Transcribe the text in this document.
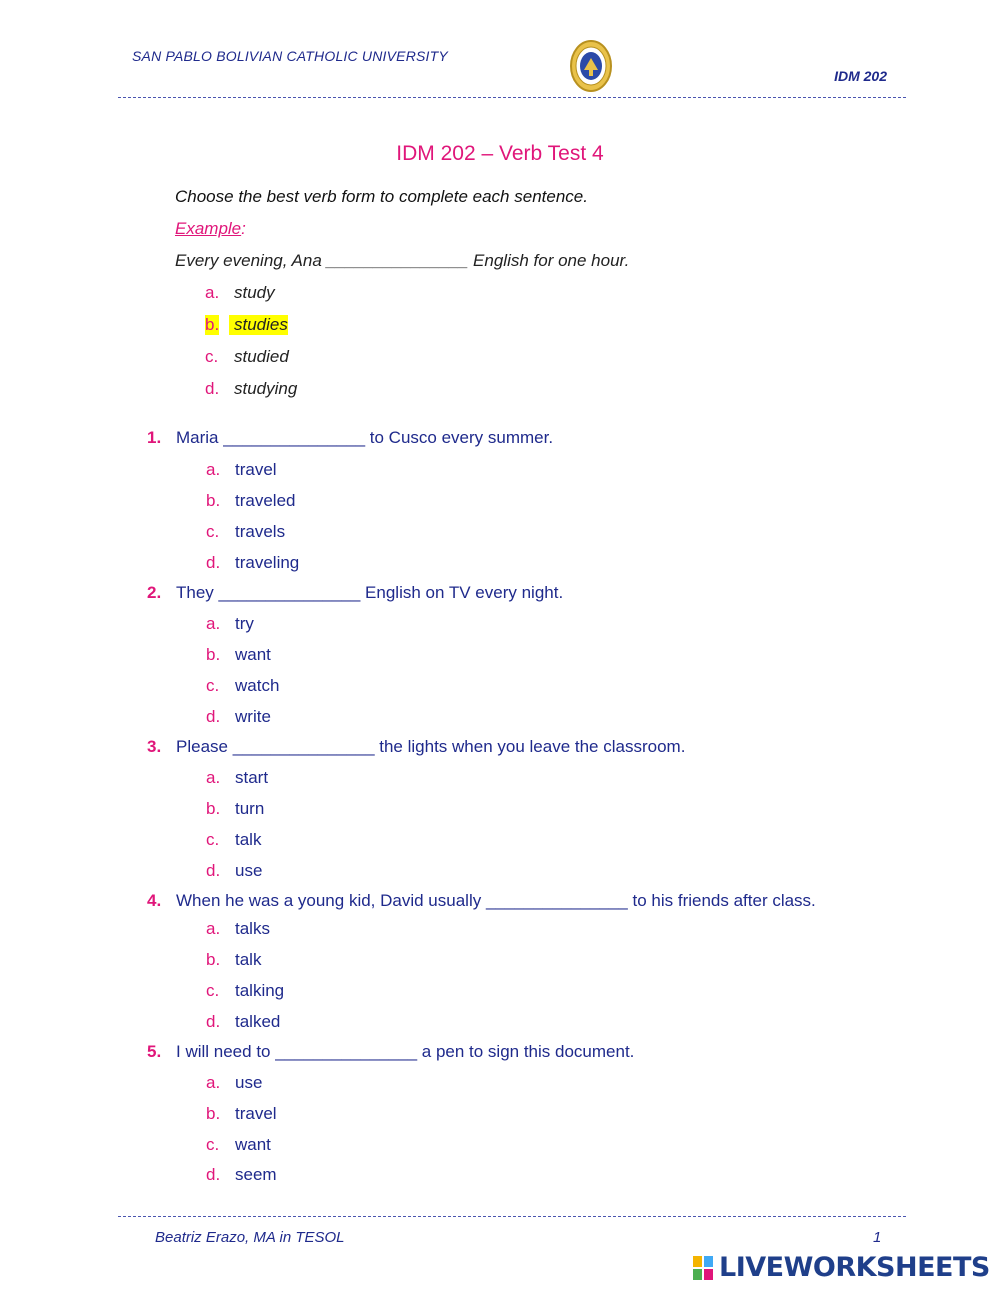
SAN PABLO BOLIVIAN CATHOLIC UNIVERSITY
IDM 202
IDM 202 – Verb Test 4
Choose the best verb form to complete each sentence.
Example:
Every evening, Ana _______________ English for one hour.
a. study
b. studies
c. studied
d. studying
1. Maria _______________ to Cusco every summer.
a. travel
b. traveled
c. travels
d. traveling
2. They _______________ English on TV every night.
a. try
b. want
c. watch
d. write
3. Please _______________ the lights when you leave the classroom.
a. start
b. turn
c. talk
d. use
4. When he was a young kid, David usually _______________ to his friends after class.
a. talks
b. talk
c. talking
d. talked
5. I will need to _______________ a pen to sign this document.
a. use
b. travel
c. want
d. seem
Beatriz Erazo, MA in TESOL	1
LIVEWORKSHEETS
